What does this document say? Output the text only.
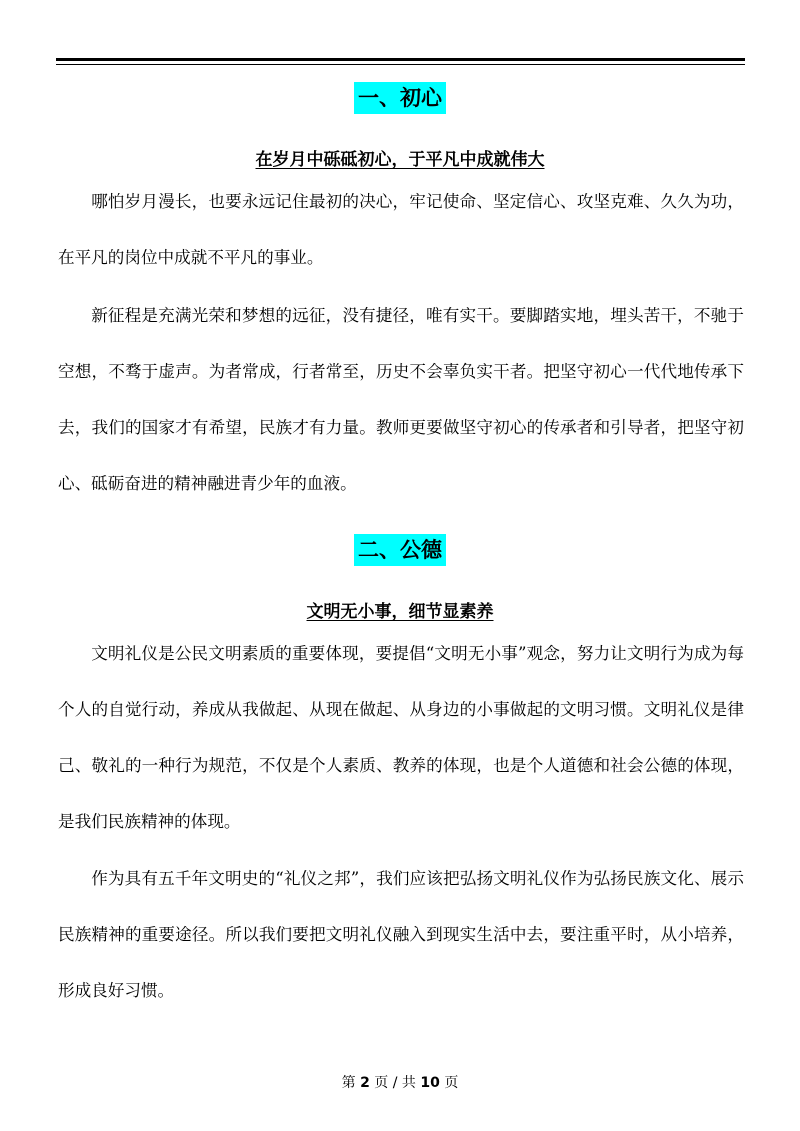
一、初心
在岁月中砾砥初心，于平凡中成就伟大

哪怕岁月漫长，也要永远记住最初的决心，牢记使命、坚定信心、攻坚克难、久久为功，在平凡的岗位中成就不平凡的事业。

新征程是充满光荣和梦想的远征，没有捷径，唯有实干。要脚踏实地，埋头苦干，不驰于空想，不骛于虚声。为者常成，行者常至，历史不会辜负实干者。把坚守初心一代代地传承下去，我们的国家才有希望，民族才有力量。教师更要做坚守初心的传承者和引导者，把坚守初心、砥砺奋进的精神融进青少年的血液。

二、公德
文明无小事，细节显素养

文明礼仪是公民文明素质的重要体现，要提倡“文明无小事”观念，努力让文明行为成为每个人的自觉行动，养成从我做起、从现在做起、从身边的小事做起的文明习惯。文明礼仪是律己、敬礼的一种行为规范，不仅是个人素质、教养的体现，也是个人道德和社会公德的体现，是我们民族精神的体现。

作为具有五千年文明史的“礼仪之邦”，我们应该把弘扬文明礼仪作为弘扬民族文化、展示民族精神的重要途径。所以我们要把文明礼仪融入到现实生活中去，要注重平时，从小培养，形成良好习惯。

第 2 页 / 共 10 页
